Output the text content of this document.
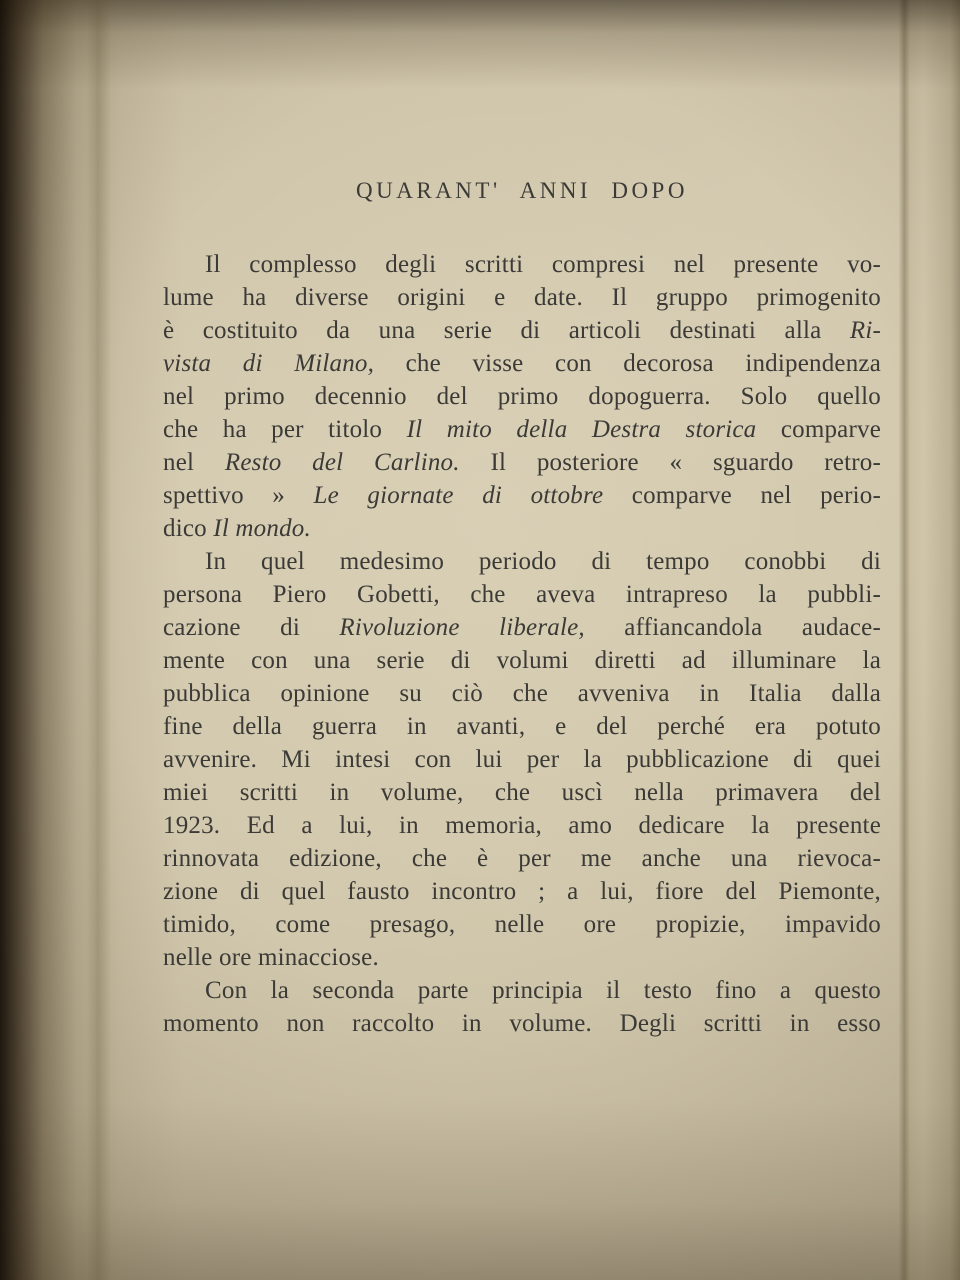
QUARANT' ANNI DOPO
Il complesso degli scritti compresi nel presente vo-
lume ha diverse origini e date. Il gruppo primogenito
è costituito da una serie di articoli destinati alla Ri-
vista di Milano, che visse con decorosa indipendenza
nel primo decennio del primo dopoguerra. Solo quello
che ha per titolo Il mito della Destra storica comparve
nel Resto del Carlino. Il posteriore « sguardo retro-
spettivo » Le giornate di ottobre comparve nel perio-
dico Il mondo.
In quel medesimo periodo di tempo conobbi di
persona Piero Gobetti, che aveva intrapreso la pubbli-
cazione di Rivoluzione liberale, affiancandola audace-
mente con una serie di volumi diretti ad illuminare la
pubblica opinione su ciò che avveniva in Italia dalla
fine della guerra in avanti, e del perché era potuto
avvenire. Mi intesi con lui per la pubblicazione di quei
miei scritti in volume, che uscì nella primavera del
1923. Ed a lui, in memoria, amo dedicare la presente
rinnovata edizione, che è per me anche una rievoca-
zione di quel fausto incontro ; a lui, fiore del Piemonte,
timido, come presago, nelle ore propizie, impavido
nelle ore minacciose.
Con la seconda parte principia il testo fino a questo
momento non raccolto in volume. Degli scritti in esso
